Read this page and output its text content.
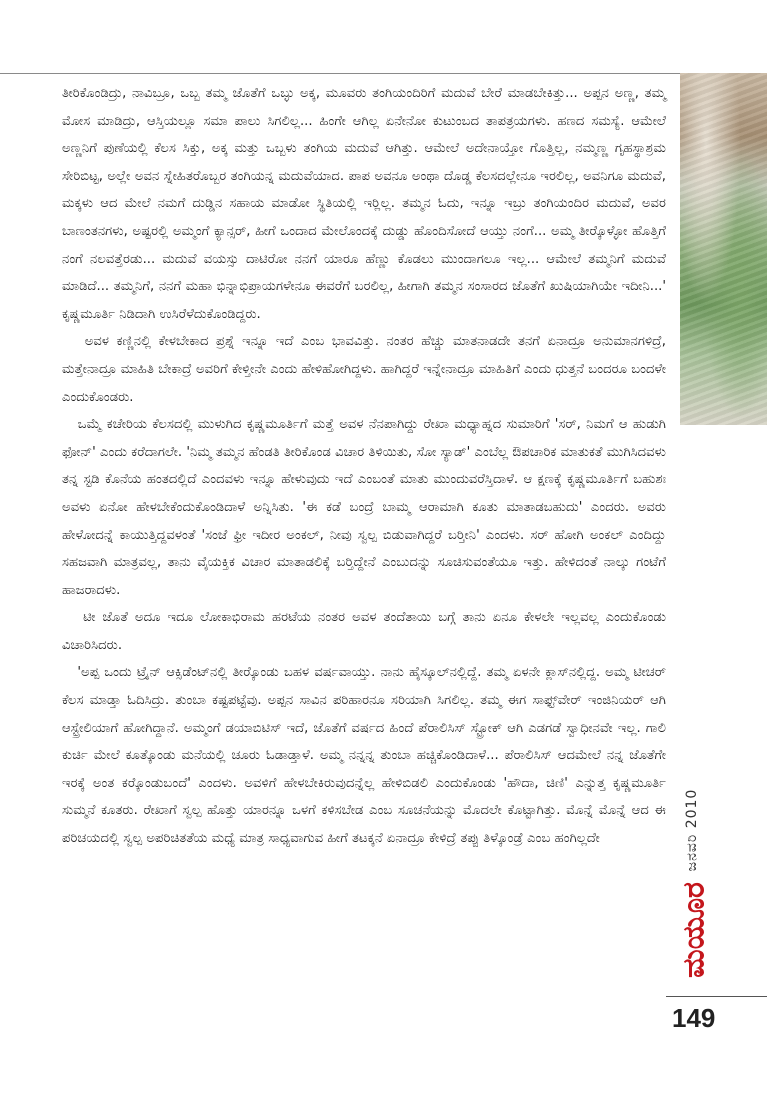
ತೀರಿಕೊಂಡಿದ್ರು, ನಾವಿಬ್ರೂ, ಒಬ್ಬ ತಮ್ಮ ಜೊತೆಗೆ ಒಬ್ಳು ಅಕ್ಕ, ಮೂವರು ತಂಗಿಯಂದಿರಿಗೆ ಮದುವೆ ಬೇರೆ ಮಾಡಬೇಕಿತ್ತು... ಅಪ್ಪನ ಅಣ್ಣ, ತಮ್ಮ ಮೋಸ ಮಾಡಿದ್ರು, ಆಸ್ತಿಯಲ್ಲೂ ಸಮಾ ಪಾಲು ಸಿಗಲಿಲ್ಲ... ಹಿಂಗೇ ಆಗಿಲ್ಲ ಏನೇನೋ ಕುಟುಂಬದ ತಾಪತ್ರಯಗಳು. ಹಣದ ಸಮಸ್ಯೆ. ಆಮೇಲೆ ಅಣ್ಣನಿಗೆ ಪುಣೆಯಲ್ಲಿ ಕೆಲಸ ಸಿಕ್ತು, ಅಕ್ಕ ಮತ್ತು ಒಬ್ಬಳು ತಂಗಿಯ ಮದುವೆ ಆಗಿತ್ತು. ಆಮೇಲೆ ಅದೇನಾಯ್ತೋ ಗೊತ್ತಿಲ್ಲ, ನಮ್ಮಣ್ಣ ಗೃಹಸ್ಥಾಶ್ರಮ ಸೇರಿಬಿಟ್ಟ, ಅಲ್ಲೇ ಅವನ ಸ್ನೇಹಿತರೊಬ್ಬರ ತಂಗಿಯನ್ನ ಮದುವೆಯಾದ. ಪಾಪ ಅವನೂ ಅಂಥಾ ದೊಡ್ಡ ಕೆಲಸದಲ್ಲೇನೂ ಇರಲಿಲ್ಲ, ಅವನಿಗೂ ಮದುವೆ, ಮಕ್ಕಳು ಆದ ಮೇಲೆ ನಮಗೆ ದುಡ್ಡಿನ ಸಹಾಯ ಮಾಡೋ ಸ್ಥಿತಿಯಲ್ಲಿ ಇರ್‍ಲಿಲ್ಲ. ತಮ್ಮನ ಓದು, ಇನ್ನೂ ಇಬ್ರು ತಂಗಿಯಂದಿರ ಮದುವೆ, ಅವರ ಬಾಣಂತನಗಳು, ಅಷ್ಟರಲ್ಲಿ ಅಮ್ಮಂಗೆ ಕ್ಯಾನ್ಸರ್, ಹೀಗೆ ಒಂದಾದ ಮೇಲೊಂದಕ್ಕೆ ದುಡ್ಡು ಹೊಂದಿಸೋದೆ ಆಯ್ತು ನಂಗೆ... ಅಮ್ಮ ತೀರ್‍ಕೊಳ್ಳೋ ಹೊತ್ತಿಗೆ ನಂಗೆ ನಲವತ್ತೆರಡು... ಮದುವೆ ವಯಸ್ಸು ದಾಟಿರೋ ನನಗೆ ಯಾರೂ ಹೆಣ್ಣು ಕೊಡಲು ಮುಂದಾಗಲೂ ಇಲ್ಲ... ಆಮೇಲೆ ತಮ್ಮನಿಗೆ ಮದುವೆ ಮಾಡಿದೆ... ತಮ್ಮನಿಗೆ, ನನಗೆ ಮಹಾ ಭಿನ್ನಾಭಿಪ್ರಾಯಗಳೇನೂ ಈವರೆಗೆ ಬರಲಿಲ್ಲ, ಹೀಗಾಗಿ ತಮ್ಮನ ಸಂಸಾರದ ಜೊತೆಗೆ ಖುಷಿಯಾಗಿಯೇ ಇದೀನಿ...' ಕೃಷ್ಣಮೂರ್ತಿ ನಿಡಿದಾಗಿ ಉಸಿರೆಳೆದುಕೊಂಡಿದ್ದರು.

ಅವಳ ಕಣ್ಣಿನಲ್ಲಿ ಕೇಳಬೇಕಾದ ಪ್ರಶ್ನೆ ಇನ್ನೂ ಇದೆ ಎಂಬ ಭಾವವಿತ್ತು. ನಂತರ ಹೆಚ್ಚು ಮಾತನಾಡದೇ ತನಗೆ ಏನಾದ್ರೂ ಅನುಮಾನಗಳಿದ್ರೆ, ಮತ್ತೇನಾದ್ರೂ ಮಾಹಿತಿ ಬೇಕಾದ್ರೆ ಅವರಿಗೆ ಕೇಳ್ತೀನೇ ಎಂದು ಹೇಳಿಹೋಗಿದ್ದಳು. ಹಾಗಿದ್ದರೆ ಇನ್ನೇನಾದ್ರೂ ಮಾಹಿತಿಗೆ ಎಂದು ಧುತ್ತನೆ ಬಂದರೂ ಬಂದಳೇ ಎಂದುಕೊಂಡರು.

ಒಮ್ಮೆ ಕಚೇರಿಯ ಕೆಲಸದಲ್ಲಿ ಮುಳುಗಿದ ಕೃಷ್ಣಮೂರ್ತಿಗೆ ಮತ್ತೆ ಅವಳ ನೆನಪಾಗಿದ್ದು ರೇಖಾ ಮಧ್ಯಾಹ್ನದ ಸುಮಾರಿಗೆ 'ಸರ್, ನಿಮಗೆ ಆ ಹುಡುಗಿ ಫೋನ್' ಎಂದು ಕರೆದಾಗಲೇ. 'ನಿಮ್ಮ ತಮ್ಮನ ಹೆಂಡತಿ ತೀರಿಕೊಂಡ ವಿಚಾರ ತಿಳಿಯಿತು, ಸೋ ಸ್ಯಾಡ್' ಎಂಬೆಲ್ಲ ಔಪಚಾರಿಕ ಮಾತುಕತೆ ಮುಗಿಸಿದವಳು ತನ್ನ ಸ್ಟಡಿ ಕೊನೆಯ ಹಂತದಲ್ಲಿದೆ ಎಂದವಳು ಇನ್ನೂ ಹೇಳುವುದು ಇದೆ ಎಂಬಂತೆ ಮಾತು ಮುಂದುವರೆಸ್ತಿದಾಳೆ. ಆ ಕ್ಷಣಕ್ಕೆ ಕೃಷ್ಣಮೂರ್ತಿಗೆ ಬಹುಶಃ ಅವಳು ಏನೋ ಹೇಳಬೇಕೆಂದುಕೊಂಡಿದಾಳೆ ಅನ್ನಿಸಿತು. 'ಈ ಕಡೆ ಬಂದ್ರೆ ಬಾಮ್ಮ ಆರಾಮಾಗಿ ಕೂತು ಮಾತಾಡಬಹುದು' ಎಂದರು. ಅವರು ಹೇಳೋದನ್ನೆ ಕಾಯುತ್ತಿದ್ದವಳಂತೆ 'ಸಂಜೆ ಫ್ರೀ ಇದೀರ ಅಂಕಲ್, ನೀವು ಸ್ವಲ್ಪ ಬಿಡುವಾಗಿದ್ದರೆ ಬರ್‍ತೀನಿ' ಎಂದಳು. ಸರ್ ಹೋಗಿ ಅಂಕಲ್ ಎಂದಿದ್ದು ಸಹಜವಾಗಿ ಮಾತ್ರವಲ್ಲ, ತಾನು ವೈಯಕ್ತಿಕ ವಿಚಾರ ಮಾತಾಡಲಿಕ್ಕೆ ಬರ್‍ತಿದ್ದೇನೆ ಎಂಬುದನ್ನು ಸೂಚಿಸುವಂತೆಯೂ ಇತ್ತು. ಹೇಳಿದಂತೆ ನಾಲ್ಕು ಗಂಟೆಗೆ ಹಾಜರಾದಳು.

ಟೀ ಜೊತೆ ಅದೂ ಇದೂ ಲೋಕಾಭಿರಾಮ ಹರಟೆಯ ನಂತರ ಅವಳ ತಂದೆತಾಯಿ ಬಗ್ಗೆ ತಾನು ಏನೂ ಕೇಳಲೇ ಇಲ್ಲವಲ್ಲ ಎಂದುಕೊಂಡು ವಿಚಾರಿಸಿದರು.

'ಅಪ್ಪ ಒಂದು ಟ್ರೈನ್ ಆಕ್ಸಿಡೆಂಟ್‌ನಲ್ಲಿ ತೀರ್‍ಕೊಂಡು ಬಹಳ ವರ್ಷವಾಯ್ತು. ನಾನು ಹೈಸ್ಕೂಲ್‌ನಲ್ಲಿದ್ದೆ. ತಮ್ಮ ಏಳನೇ ಕ್ಲಾಸ್‌ನಲ್ಲಿದ್ದ. ಅಮ್ಮ ಟೀಚರ್ ಕೆಲಸ ಮಾಡ್ತಾ ಓದಿಸಿದ್ರು. ತುಂಬಾ ಕಷ್ಟಪಟ್ಟೆವು. ಅಪ್ಪನ ಸಾವಿನ ಪರಿಹಾರನೂ ಸರಿಯಾಗಿ ಸಿಗಲಿಲ್ಲ. ತಮ್ಮ ಈಗ ಸಾಫ್ಟ್‌ವೇರ್ ಇಂಜಿನಿಯರ್ ಆಗಿ ಆಸ್ಟ್ರೇಲಿಯಾಗೆ ಹೋಗಿದ್ದಾನೆ. ಅಮ್ಮಂಗೆ ಡಯಾಬಿಟಿಸ್ ಇದೆ, ಜೊತೆಗೆ ವರ್ಷದ ಹಿಂದೆ ಪೆರಾಲಿಸಿಸ್ ಸ್ಟ್ರೋಕ್ ಆಗಿ ಎಡಗಡೆ ಸ್ವಾಧೀನವೇ ಇಲ್ಲ. ಗಾಲಿ ಕುರ್ಚಿ ಮೇಲೆ ಕೂತ್ಕೊಂಡು ಮನೆಯಲ್ಲಿ ಚೂರು ಓಡಾಡ್ತಾಳೆ. ಅಮ್ಮ ನನ್ನನ್ನ ತುಂಬಾ ಹಚ್ಚಿಕೊಂಡಿದಾಳೆ... ಪೆರಾಲಿಸಿಸ್ ಆದಮೇಲೆ ನನ್ನ ಜೊತೆಗೇ ಇರಕ್ಕೆ ಅಂತ ಕರ್‍ಕೊಂಡುಬಂದೆ' ಎಂದಳು. ಅವಳಿಗೆ ಹೇಳಬೇಕಿರುವುದನ್ನೆಲ್ಲ ಹೇಳಿಬಿಡಲಿ ಎಂದುಕೊಂಡು 'ಹೌದಾ, ಚಿಣಿ' ಎನ್ನುತ್ತ ಕೃಷ್ಣಮೂರ್ತಿ ಸುಮ್ಮನೆ ಕೂತರು. ರೇಖಾಗೆ ಸ್ವಲ್ಪ ಹೊತ್ತು ಯಾರನ್ನೂ ಒಳಗೆ ಕಳಿಸಬೇಡ ಎಂಬ ಸೂಚನೆಯನ್ನು ಮೊದಲೇ ಕೊಟ್ಟಾಗಿತ್ತು. ಮೊನ್ನೆ ಮೊನ್ನೆ ಆದ ಈ ಪರಿಚಯದಲ್ಲಿ ಸ್ವಲ್ಪ ಅಪರಿಚಿತತೆಯ ಮಧ್ಯೆ ಮಾತ್ರ ಸಾಧ್ಯವಾಗುವ ಹೀಗೆ ತಟಕ್ಕನೆ ಏನಾದ್ರೂ ಕೇಳಿದ್ರೆ ತಪ್ಪು ತಿಳ್ಕೊಂಡ್ರೆ ಎಂಬ ಹಂಗಿಲ್ಲದೇ	ಜನವರಿ 2010
ಮಯೂರ
149
